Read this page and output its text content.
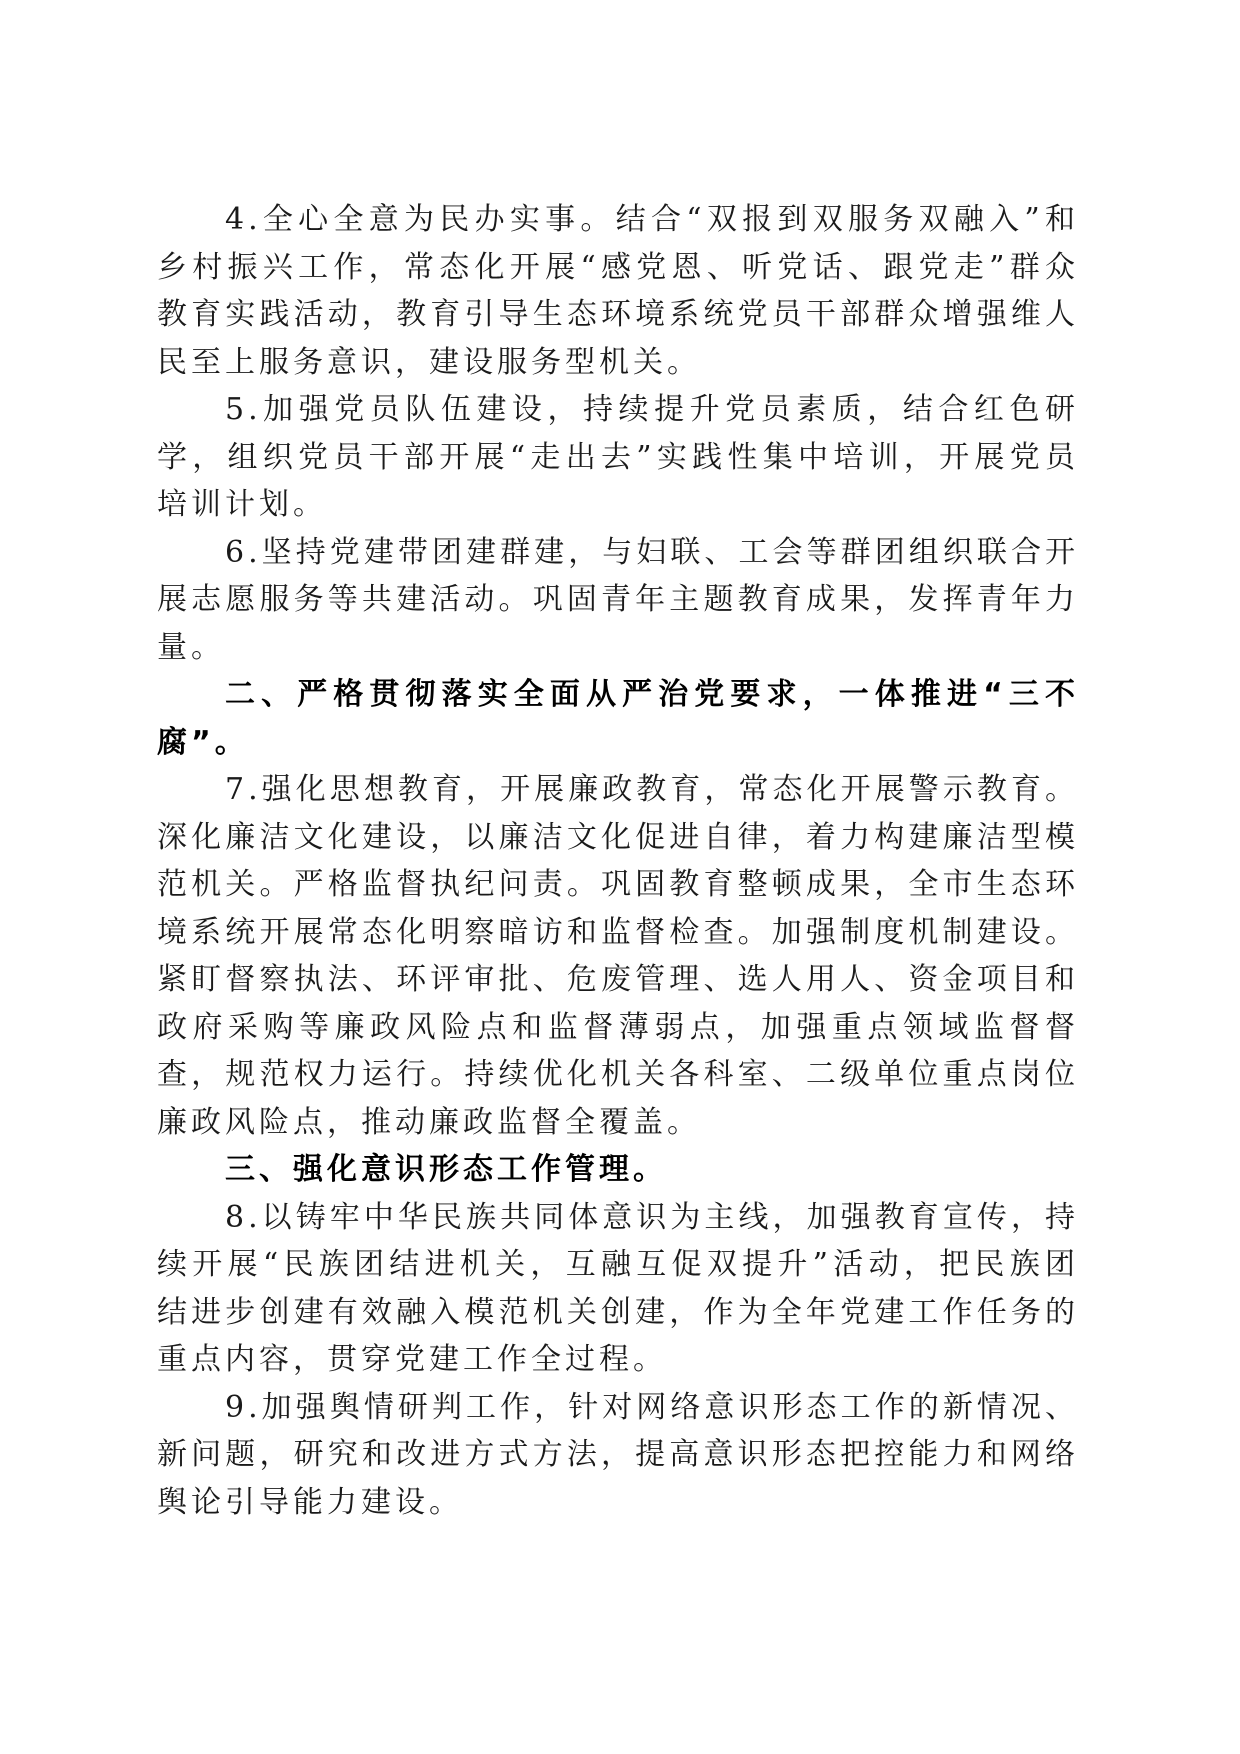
4.全心全意为民办实事。结合“双报到双服务双融入”和乡村振兴工作，常态化开展“感党恩、听党话、跟党走”群众教育实践活动，教育引导生态环境系统党员干部群众增强维人民至上服务意识，建设服务型机关。

5.加强党员队伍建设，持续提升党员素质，结合红色研学，组织党员干部开展“走出去”实践性集中培训，开展党员培训计划。

6.坚持党建带团建群建，与妇联、工会等群团组织联合开展志愿服务等共建活动。巩固青年主题教育成果，发挥青年力量。

二、严格贯彻落实全面从严治党要求，一体推进“三不腐”。

7.强化思想教育，开展廉政教育，常态化开展警示教育。深化廉洁文化建设，以廉洁文化促进自律，着力构建廉洁型模范机关。严格监督执纪问责。巩固教育整顿成果，全市生态环境系统开展常态化明察暗访和监督检查。加强制度机制建设。紧盯督察执法、环评审批、危废管理、选人用人、资金项目和政府采购等廉政风险点和监督薄弱点，加强重点领域监督督查，规范权力运行。持续优化机关各科室、二级单位重点岗位廉政风险点，推动廉政监督全覆盖。

三、强化意识形态工作管理。

8.以铸牢中华民族共同体意识为主线，加强教育宣传，持续开展“民族团结进机关，互融互促双提升”活动，把民族团结进步创建有效融入模范机关创建，作为全年党建工作任务的重点内容，贯穿党建工作全过程。

9.加强舆情研判工作，针对网络意识形态工作的新情况、新问题，研究和改进方式方法，提高意识形态把控能力和网络舆论引导能力建设。
